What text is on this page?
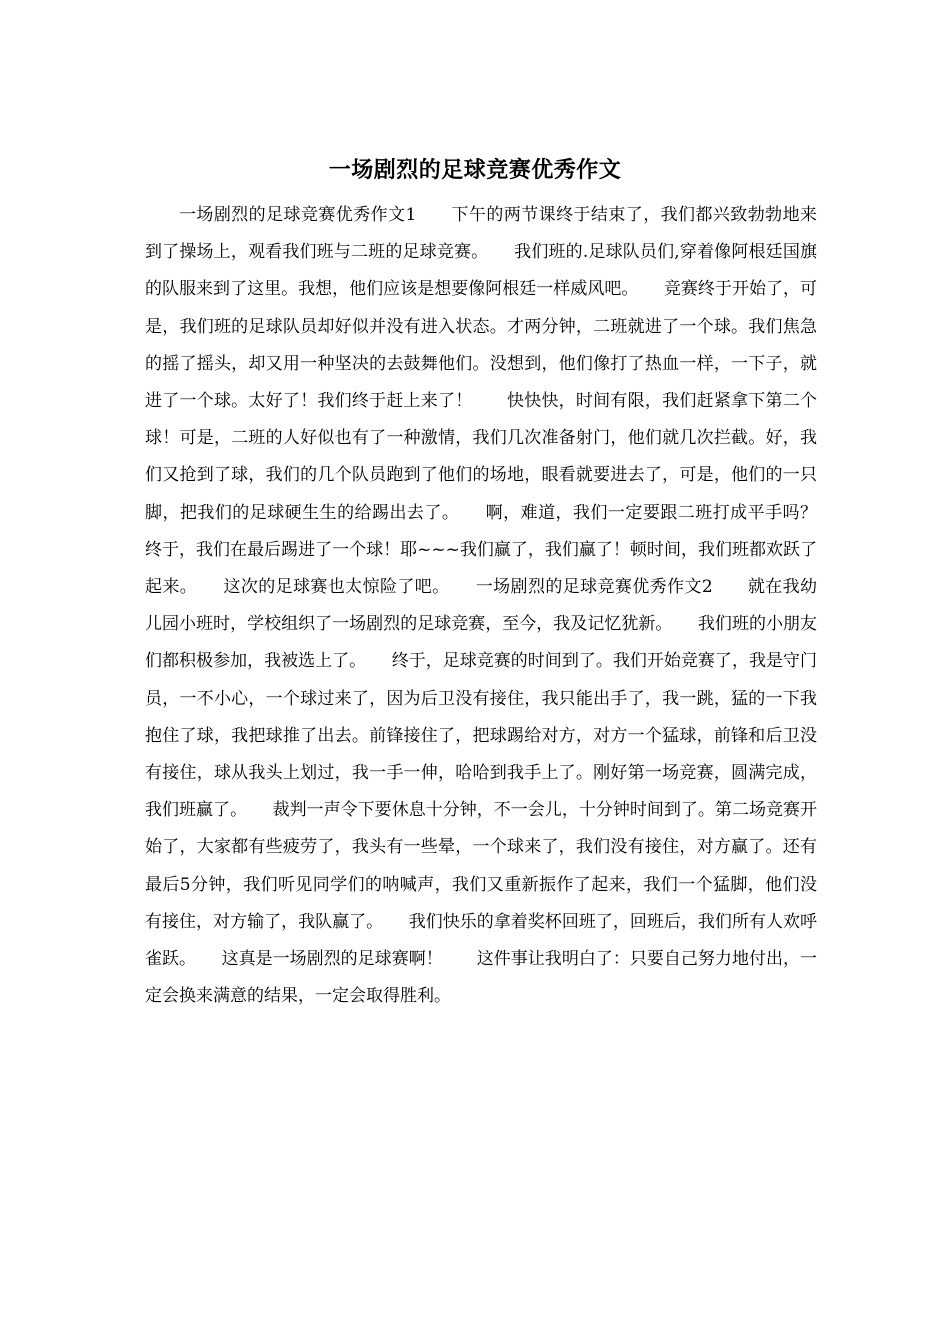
一场剧烈的足球竞赛优秀作文

一场剧烈的足球竞赛优秀作文1　　下午的两节课终于结束了，我们都兴致勃勃地来到了操场上，观看我们班与二班的足球竞赛。　　我们班的.足球队员们,穿着像阿根廷国旗的队服来到了这里。我想，他们应该是想要像阿根廷一样威风吧。　　竞赛终于开始了，可是，我们班的足球队员却好似并没有进入状态。才两分钟，二班就进了一个球。我们焦急的摇了摇头，却又用一种坚决的去鼓舞他们。没想到，他们像打了热血一样，一下子，就进了一个球。太好了！我们终于赶上来了！　　快快快，时间有限，我们赶紧拿下第二个球！可是，二班的人好似也有了一种激情，我们几次准备射门，他们就几次拦截。好，我们又抢到了球，我们的几个队员跑到了他们的场地，眼看就要进去了，可是，他们的一只脚，把我们的足球硬生生的给踢出去了。　　啊，难道，我们一定要跟二班打成平手吗？　　终于，我们在最后踢进了一个球！耶~~~我们赢了，我们赢了！顿时间，我们班都欢跃了起来。　　这次的足球赛也太惊险了吧。　　一场剧烈的足球竞赛优秀作文2　　就在我幼儿园小班时，学校组织了一场剧烈的足球竞赛，至今，我及记忆犹新。　　我们班的小朋友们都积极参加，我被选上了。　　终于，足球竞赛的时间到了。我们开始竞赛了，我是守门员，一不小心，一个球过来了，因为后卫没有接住，我只能出手了，我一跳，猛的一下我抱住了球，我把球推了出去。前锋接住了，把球踢给对方，对方一个猛球，前锋和后卫没有接住，球从我头上划过，我一手一伸，哈哈到我手上了。刚好第一场竞赛，圆满完成，我们班赢了。　　裁判一声令下要休息十分钟，不一会儿，十分钟时间到了。第二场竞赛开始了，大家都有些疲劳了，我头有一些晕，一个球来了，我们没有接住，对方赢了。还有最后5分钟，我们听见同学们的呐喊声，我们又重新振作了起来，我们一个猛脚，他们没有接住，对方输了，我队赢了。　　我们快乐的拿着奖杯回班了，回班后，我们所有人欢呼雀跃。　　这真是一场剧烈的足球赛啊！　　这件事让我明白了：只要自己努力地付出，一定会换来满意的结果，一定会取得胜利。
